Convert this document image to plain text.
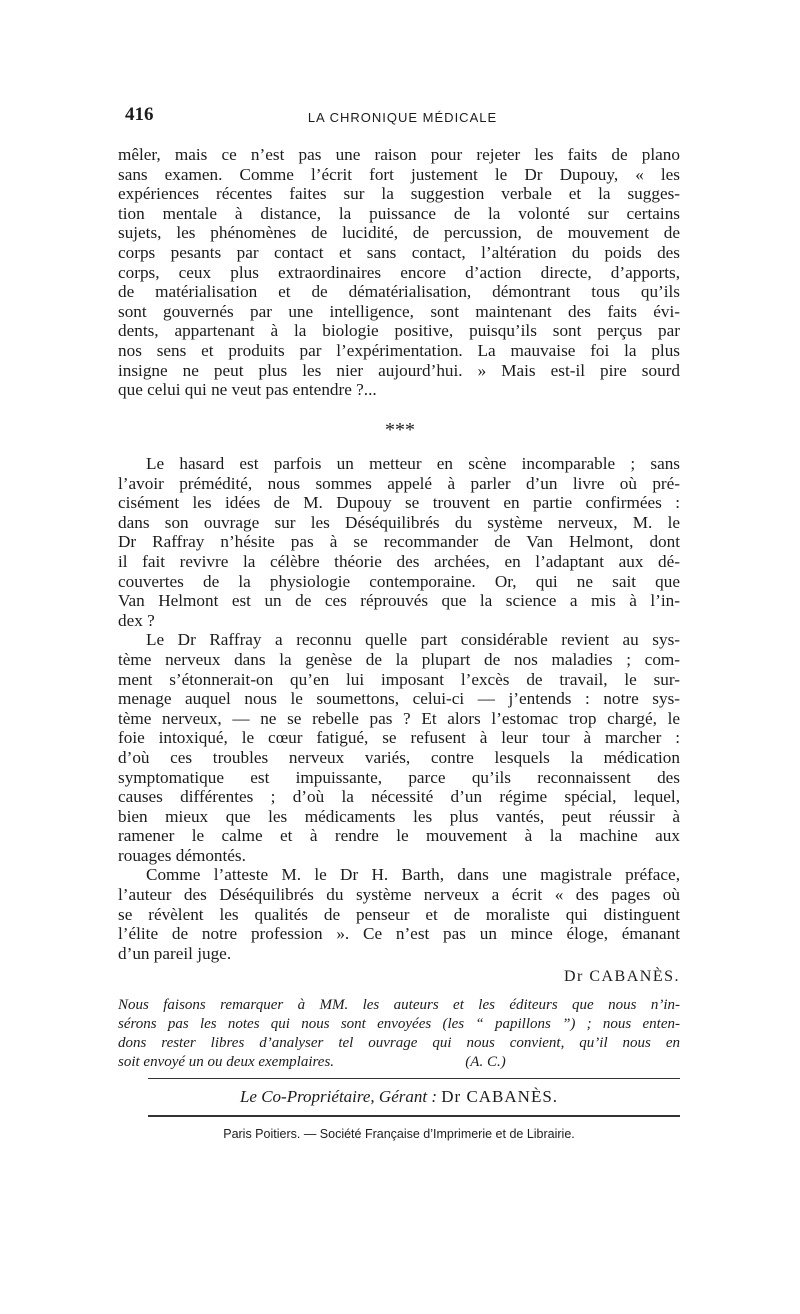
416	LA CHRONIQUE MÉDICALE
mêler, mais ce n’est pas une raison pour rejeter les faits de plano
sans examen. Comme l’écrit fort justement le Dr Dupouy, « les
expériences récentes faites sur la suggestion verbale et la sugges-
tion mentale à distance, la puissance de la volonté sur certains
sujets, les phénomènes de lucidité, de percussion, de mouvement de
corps pesants par contact et sans contact, l’altération du poids des
corps, ceux plus extraordinaires encore d’action directe, d’apports,
de matérialisation et de dématérialisation, démontrant tous qu’ils
sont gouvernés par une intelligence, sont maintenant des faits évi-
dents, appartenant à la biologie positive, puisqu’ils sont perçus par
nos sens et produits par l’expérimentation. La mauvaise foi la plus
insigne ne peut plus les nier aujourd’hui. » Mais est-il pire sourd
que celui qui ne veut pas entendre ?...
***
Le hasard est parfois un metteur en scène incomparable ; sans
l’avoir prémédité, nous sommes appelé à parler d’un livre où pré-
cisément les idées de M. Dupouy se trouvent en partie confirmées :
dans son ouvrage sur les Déséquilibrés du système nerveux, M. le
Dr Raffray n’hésite pas à se recommander de Van Helmont, dont
il fait revivre la célèbre théorie des archées, en l’adaptant aux dé-
couvertes de la physiologie contemporaine. Or, qui ne sait que
Van Helmont est un de ces réprouvés que la science a mis à l’in-
dex ?
Le Dr Raffray a reconnu quelle part considérable revient au sys-
tème nerveux dans la genèse de la plupart de nos maladies ; com-
ment s’étonnerait-on qu’en lui imposant l’excès de travail, le sur-
menage auquel nous le soumettons, celui-ci — j’entends : notre sys-
tème nerveux, — ne se rebelle pas ? Et alors l’estomac trop chargé, le
foie intoxiqué, le cœur fatigué, se refusent à leur tour à marcher :
d’où ces troubles nerveux variés, contre lesquels la médication
symptomatique est impuissante, parce qu’ils reconnaissent des
causes différentes ; d’où la nécessité d’un régime spécial, lequel,
bien mieux que les médicaments les plus vantés, peut réussir à
ramener le calme et à rendre le mouvement à la machine aux
rouages démontés.
Comme l’atteste M. le Dr H. Barth, dans une magistrale préface,
l’auteur des Déséquilibrés du système nerveux a écrit « des pages où
se révèlent les qualités de penseur et de moraliste qui distinguent
l’élite de notre profession ». Ce n’est pas un mince éloge, émanant
d’un pareil juge.
Dr CABANÈS.
Nous faisons remarquer à MM. les auteurs et les éditeurs que nous n’in-
sérons pas les notes qui nous sont envoyées (les “ papillons ”) ; nous enten-
dons rester libres d’analyser tel ouvrage qui nous convient, qu’il nous en
soit envoyé un ou deux exemplaires.                                   (A. C.)
Le Co-Propriétaire, Gérant : Dr CABANÈS.
Paris Poitiers. — Société Française d’Imprimerie et de Librairie.
